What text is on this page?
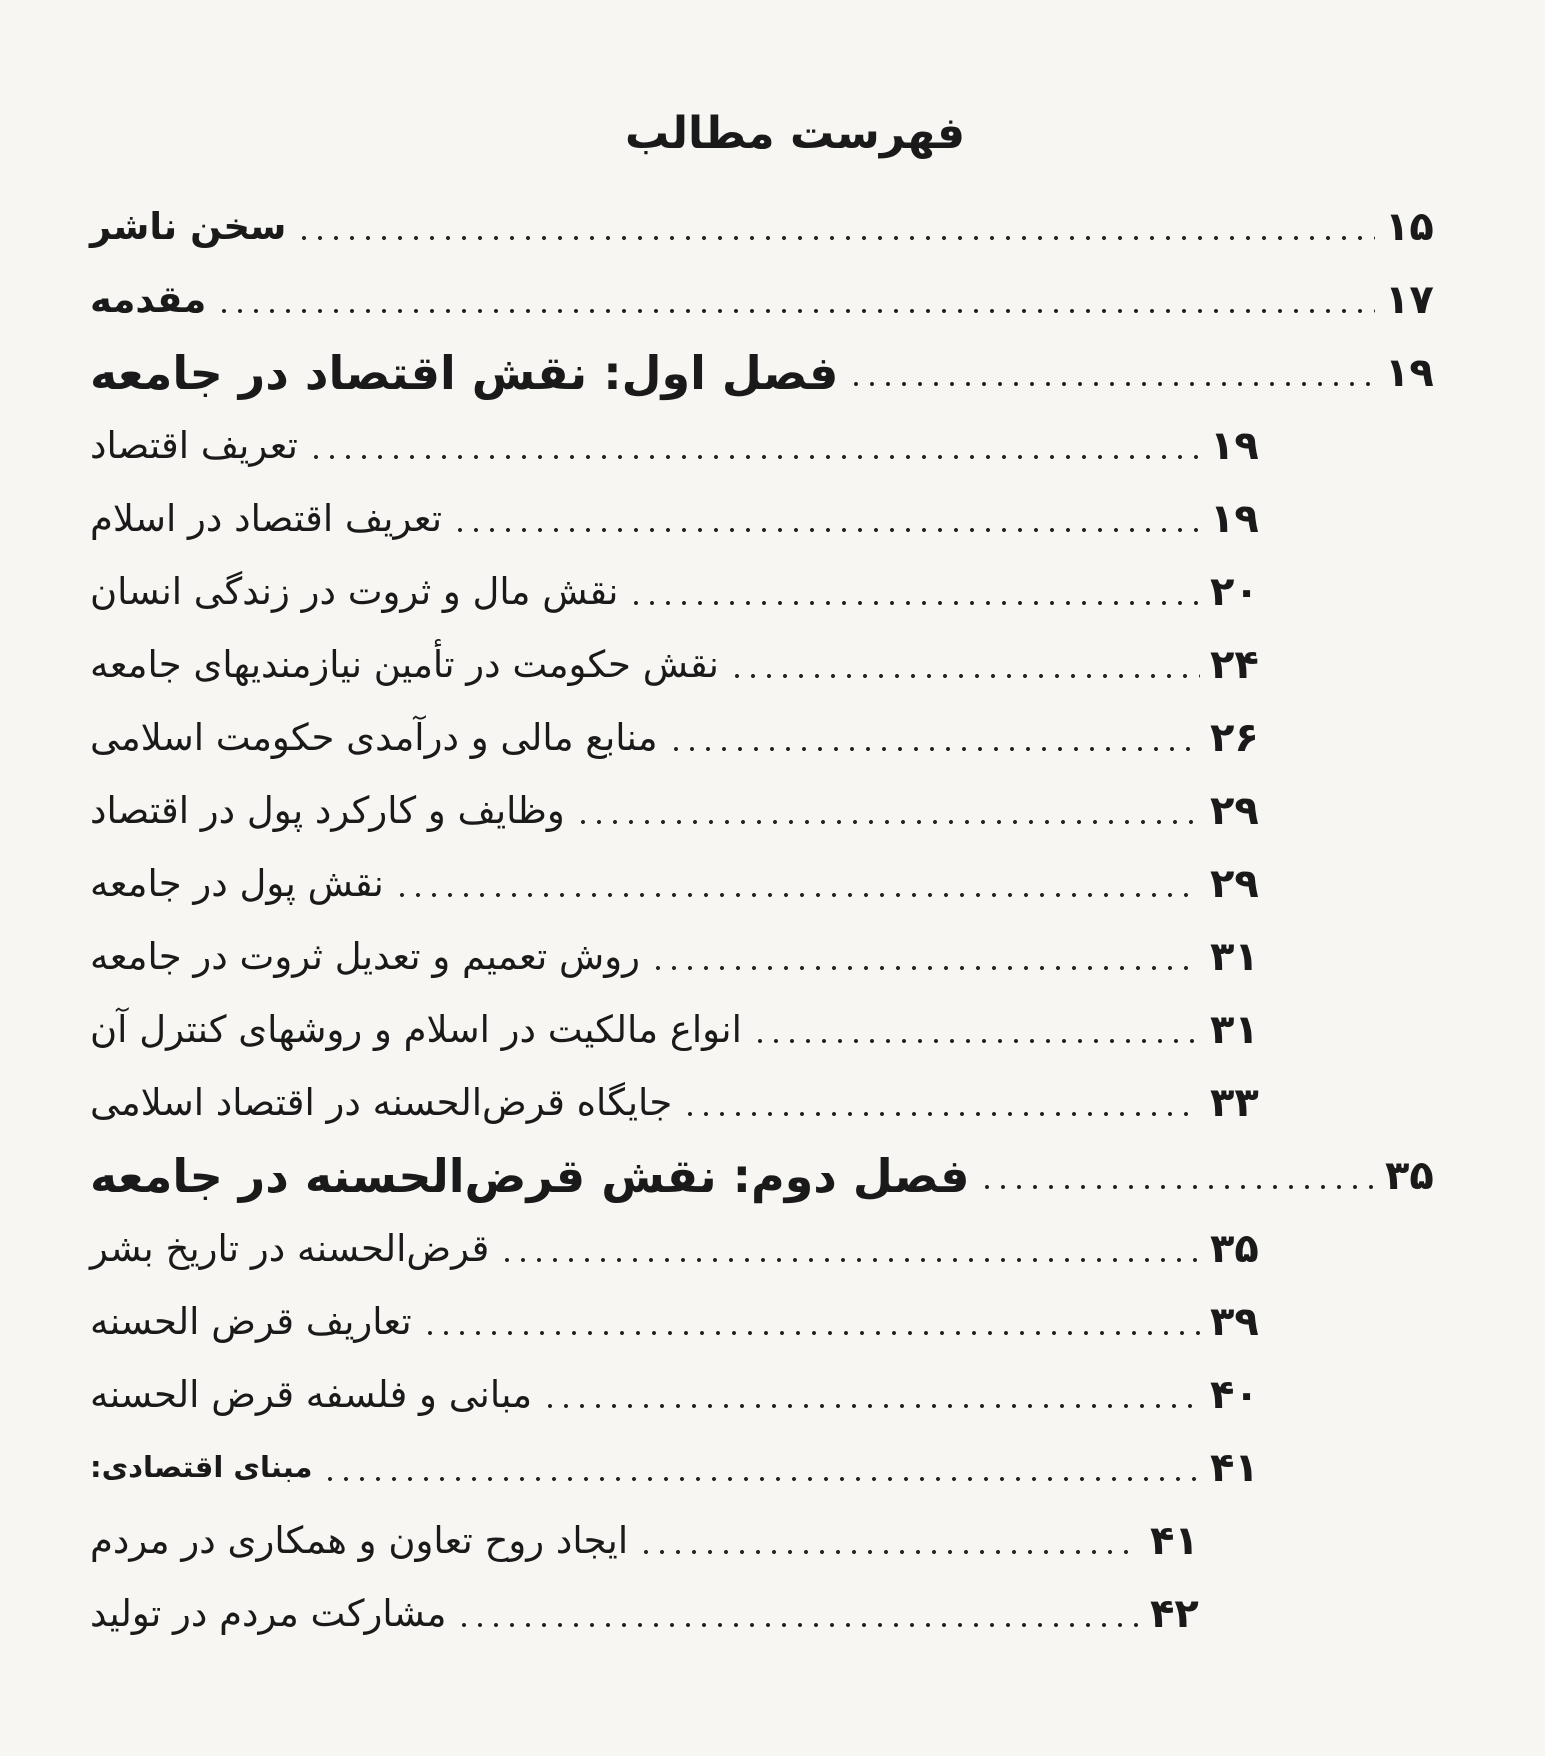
فهرست مطالب
سخن ناشر	۱۵
مقدمه	۱۷
فصل اول: نقش اقتصاد در جامعه	۱۹
تعریف اقتصاد	۱۹
تعریف اقتصاد در اسلام	۱۹
نقش مال و ثروت در زندگی انسان	۲۰
نقش حکومت در تأمین نیازمندیهای جامعه	۲۴
منابع مالی و درآمدی حکومت اسلامی	۲۶
وظایف و کارکرد پول در اقتصاد	۲۹
نقش پول در جامعه	۲۹
روش تعمیم و تعدیل ثروت در جامعه	۳۱
انواع مالکیت در اسلام و روشهای کنترل آن	۳۱
جایگاه قرض‌الحسنه در اقتصاد اسلامی	۳۳
فصل دوم: نقش قرض‌الحسنه در جامعه	۳۵
قرض‌الحسنه در تاریخ بشر	۳۵
تعاریف قرض الحسنه	۳۹
مبانی و فلسفه قرض الحسنه	۴۰
مبنای اقتصادی:	۴۱
ایجاد روح تعاون و همکاری در مردم	۴۱
مشارکت مردم در تولید	۴۲
